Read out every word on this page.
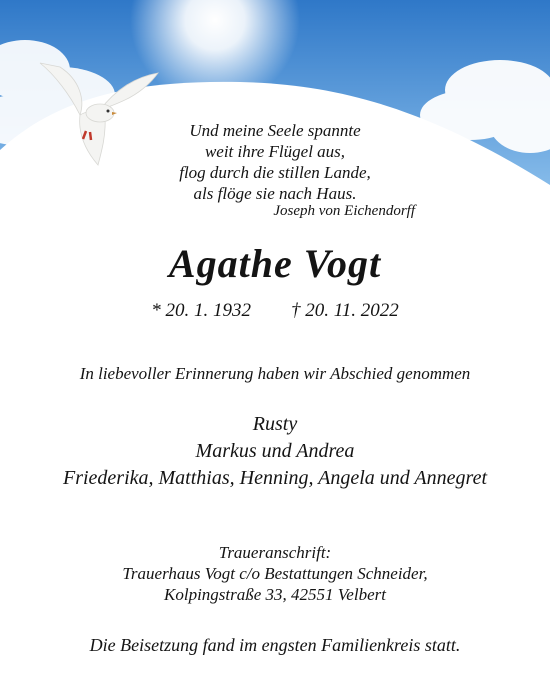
Und meine Seele spannte
weit ihre Flügel aus,
flog durch die stillen Lande,
als flöge sie nach Haus.
Joseph von Eichendorff
Agathe Vogt
* 20. 1. 1932 † 20. 11. 2022
In liebevoller Erinnerung haben wir Abschied genommen
Rusty
Markus und Andrea
Friederika, Matthias, Henning, Angela und Annegret
Traueranschrift:
Trauerhaus Vogt c/o Bestattungen Schneider,
Kolpingstraße 33, 42551 Velbert
Die Beisetzung fand im engsten Familienkreis statt.
